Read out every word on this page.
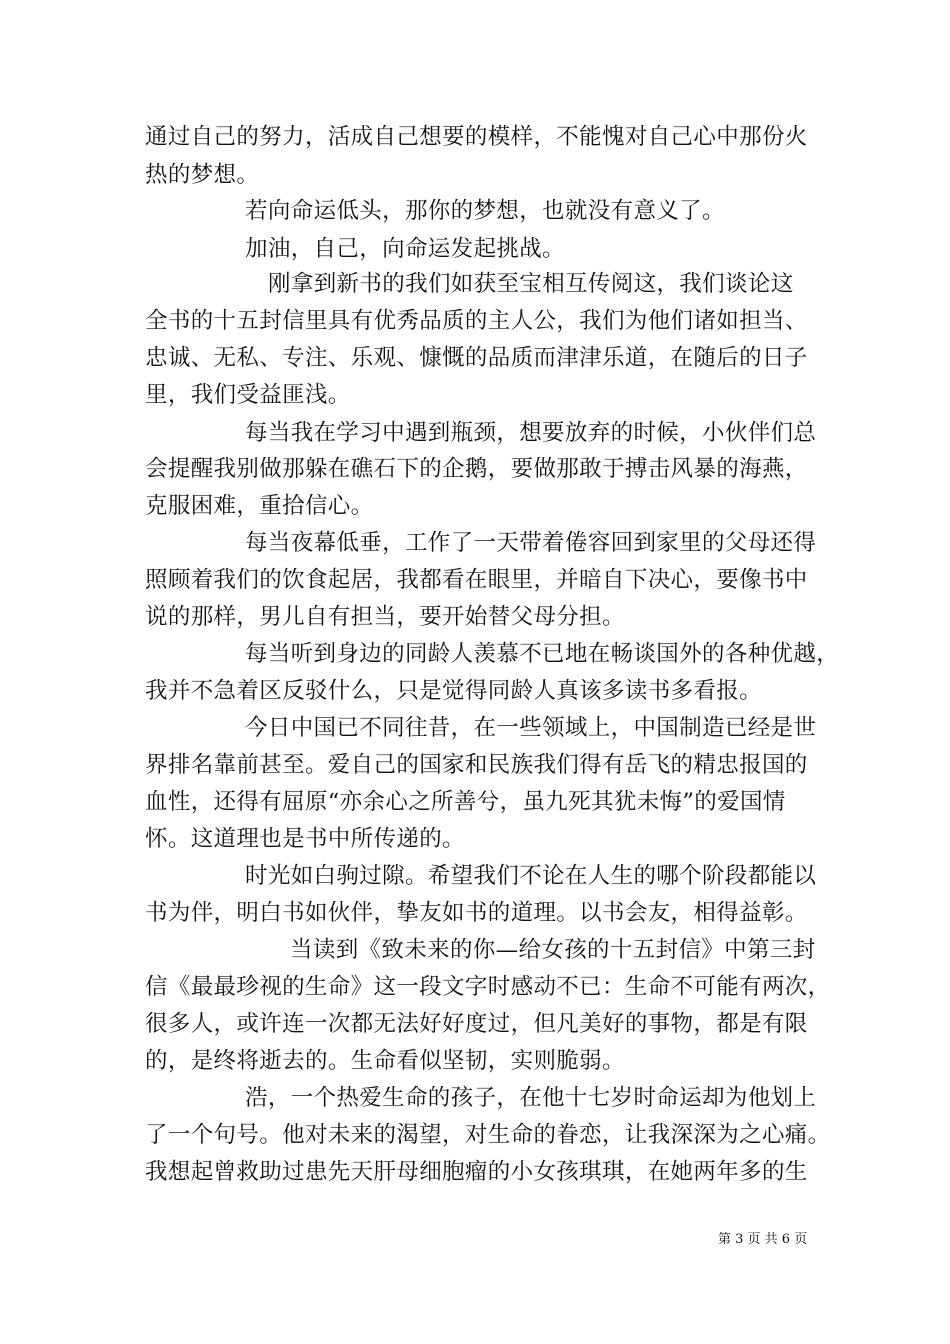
通过自己的努力，活成自己想要的模样，不能愧对自己心中那份火
热的梦想。
若向命运低头，那你的梦想，也就没有意义了。
加油，自己，向命运发起挑战。
刚拿到新书的我们如获至宝相互传阅这，我们谈论这
全书的十五封信里具有优秀品质的主人公，我们为他们诸如担当、
忠诚、无私、专注、乐观、慷慨的品质而津津乐道，在随后的日子
里，我们受益匪浅。
每当我在学习中遇到瓶颈，想要放弃的时候，小伙伴们总
会提醒我别做那躲在礁石下的企鹅，要做那敢于搏击风暴的海燕，
克服困难，重拾信心。
每当夜幕低垂，工作了一天带着倦容回到家里的父母还得
照顾着我们的饮食起居，我都看在眼里，并暗自下决心，要像书中
说的那样，男儿自有担当，要开始替父母分担。
每当听到身边的同龄人羡慕不已地在畅谈国外的各种优越，
我并不急着区反驳什么，只是觉得同龄人真该多读书多看报。
今日中国已不同往昔，在一些领域上，中国制造已经是世
界排名靠前甚至。爱自己的国家和民族我们得有岳飞的精忠报国的
血性，还得有屈原“亦余心之所善兮，虽九死其犹未悔”的爱国情
怀。这道理也是书中所传递的。
时光如白驹过隙。希望我们不论在人生的哪个阶段都能以
书为伴，明白书如伙伴，挚友如书的道理。以书会友，相得益彰。
当读到《致未来的你—给女孩的十五封信》中第三封
信《最最珍视的生命》这一段文字时感动不已：生命不可能有两次，
很多人，或许连一次都无法好好度过，但凡美好的事物，都是有限
的，是终将逝去的。生命看似坚韧，实则脆弱。
浩，一个热爱生命的孩子，在他十七岁时命运却为他划上
了一个句号。他对未来的渴望，对生命的眷恋，让我深深为之心痛。
我想起曾救助过患先天肝母细胞瘤的小女孩琪琪，在她两年多的生
第 3 页 共 6 页
